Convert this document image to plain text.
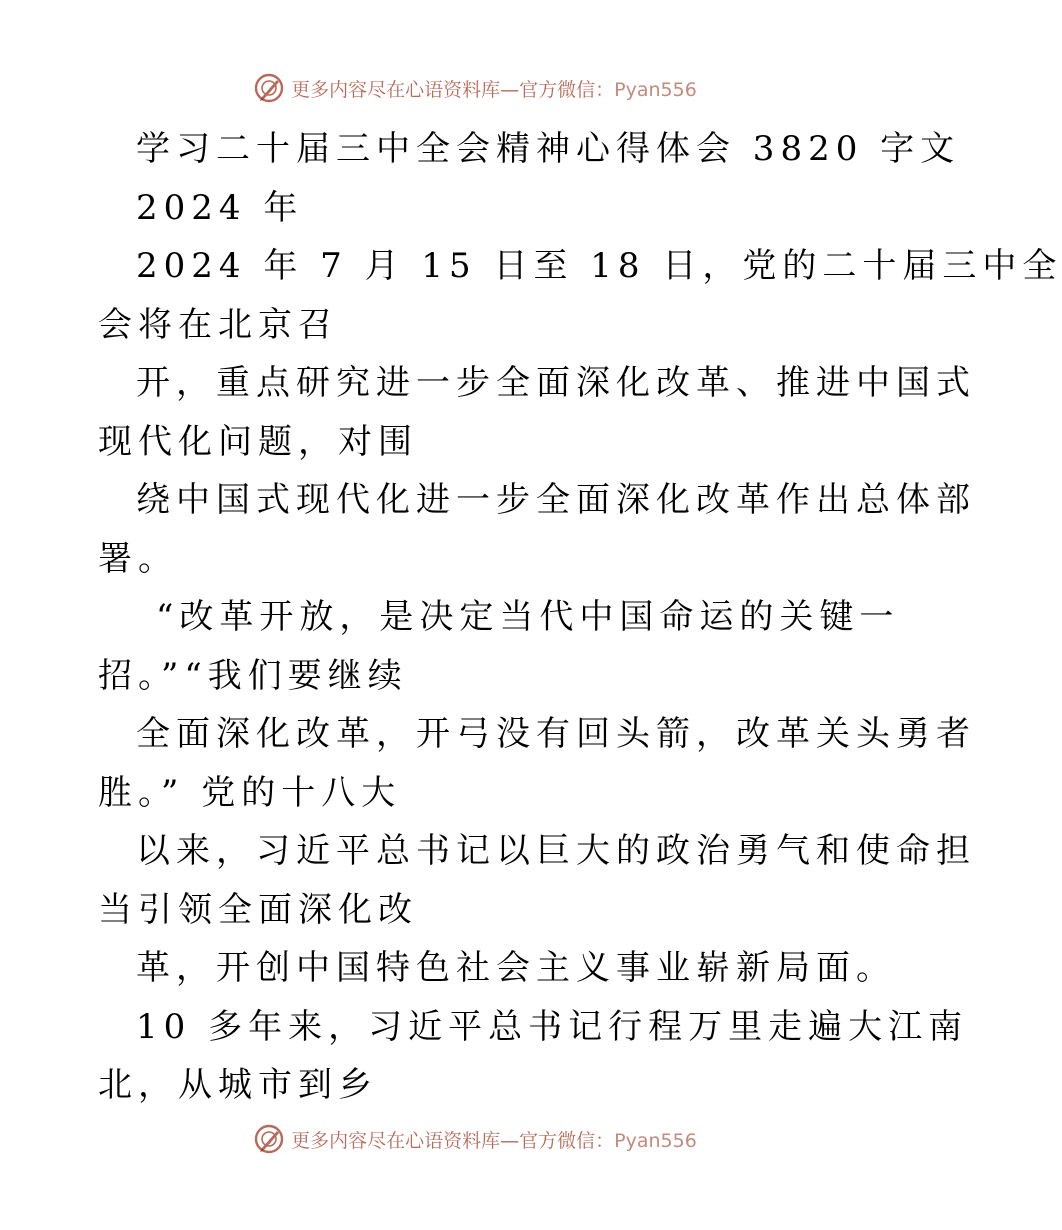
更多内容尽在心语资料库—官方微信：Pyan556
学习二十届三中全会精神心得体会 3820 字文
2024 年
2024 年 7 月 15 日至 18 日，党的二十届三中全
会将在北京召
开，重点研究进一步全面深化改革、推进中国式
现代化问题，对围
绕中国式现代化进一步全面深化改革作出总体部
署。
“改革开放，是决定当代中国命运的关键一
招。”“我们要继续
全面深化改革，开弓没有回头箭，改革关头勇者
胜。” 党的十八大
以来，习近平总书记以巨大的政治勇气和使命担
当引领全面深化改
革，开创中国特色社会主义事业崭新局面。
10 多年来，习近平总书记行程万里走遍大江南
北，从城市到乡
更多内容尽在心语资料库—官方微信：Pyan556
